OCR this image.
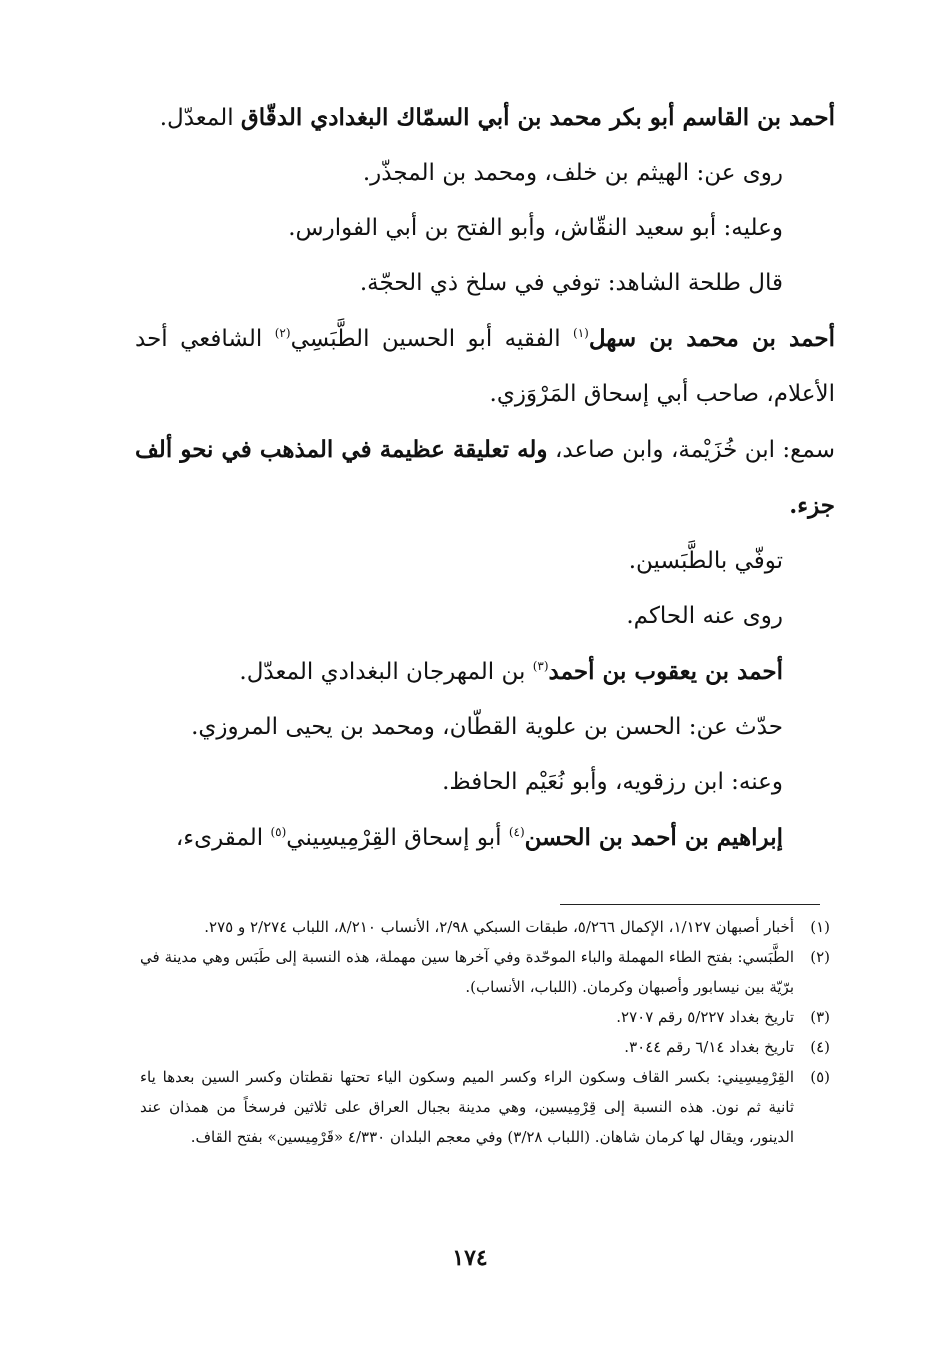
أحمد بن القاسم أبو بكر محمد بن أبي السمّاك البغدادي الدقّاق المعدّل.

روى عن: الهيثم بن خلف، ومحمد بن المجذّر.

وعليه: أبو سعيد النقّاش، وأبو الفتح بن أبي الفوارس.

قال طلحة الشاهد: توفي في سلخ ذي الحجّة.

أحمد بن محمد بن سهل$^{(١)}$ الفقيه أبو الحسين الطَّبَسِي$^{(٢)}$ الشافعي أحد الأعلام، صاحب أبي إسحاق المَرْوَزي.

سمع: ابن خُزَيْمة، وابن صاعد، وله تعليقة عظيمة في المذهب في نحو ألف جزء.

توفّي بالطَّبَسين.

روى عنه الحاكم.

أحمد بن يعقوب بن أحمد$^{(٣)}$ بن المهرجان البغدادي المعدّل.

حدّث عن: الحسن بن علوية القطّان، ومحمد بن يحيى المروزي.

وعنه: ابن رزقويه، وأبو نُعَيْم الحافظ.

إبراهيم بن أحمد بن الحسن$^{(٤)}$ أبو إسحاق القِرْمِيسِيني$^{(٥)}$ المقرىء،

(١)
أخبار أصبهان ١/١٢٧، الإكمال ٥/٢٦٦، طبقات السبكي ٢/٩٨، الأنساب ٨/٢١٠، اللباب ٢/٢٧٤ و ٢٧٥.
(٢)
الطَّبَسي: بفتح الطاء المهملة والباء الموحّدة وفي آخرها سين مهملة، هذه النسبة إلى طَبَس وهي مدينة في برّيّة بين نيسابور وأصبهان وكرمان. (اللباب، الأنساب).
(٣)
تاريخ بغداد ٥/٢٢٧ رقم ٢٧٠٧.
(٤)
تاريخ بغداد ٦/١٤ رقم ٣٠٤٤.
(٥)
القِرْمِيسِيني: بكسر القاف وسكون الراء وكسر الميم وسكون الياء تحتها نقطتان وكسر السين بعدها ياء ثانية ثم نون. هذه النسبة إلى قِرْمِيسين، وهي مدينة بجبال العراق على ثلاثين فرسخاً من همذان عند الدينور، ويقال لها كرمان شاهان. (اللباب ٣/٢٨) وفي معجم البلدان ٤/٣٣٠ «قَرْمِيسين» بفتح القاف.
١٧٤
